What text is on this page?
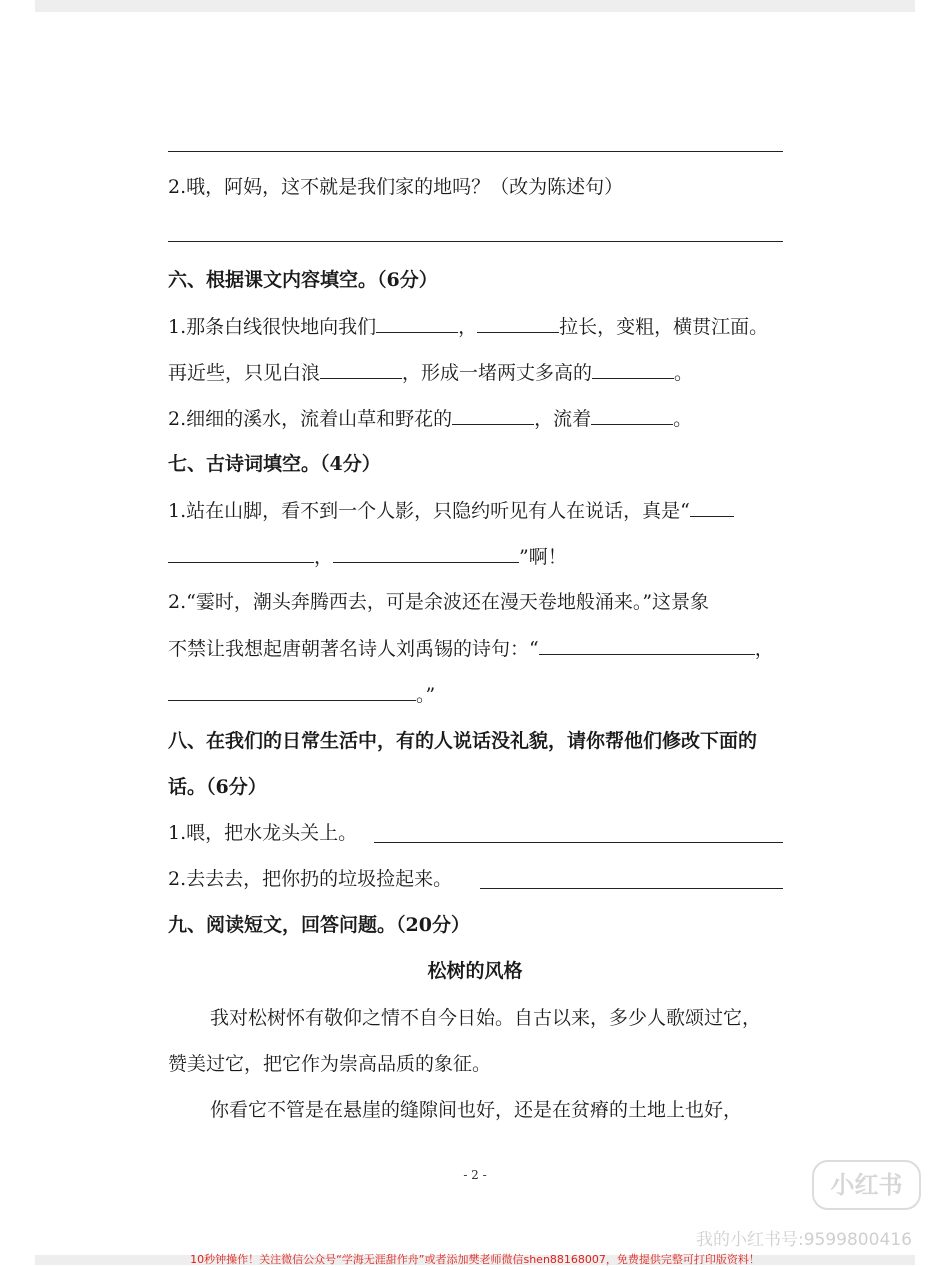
2.哦，阿妈，这不就是我们家的地吗？（改为陈述句）
六、根据课文内容填空。（6分）
1.那条白线很快地向我们	，	拉长，变粗，横贯江面。
再近些，只见白浪	，形成一堵两丈多高的	。
2.细细的溪水，流着山草和野花的	，流着	。
七、古诗词填空。（4分）
1.站在山脚，看不到一个人影，只隐约听见有人在说话，真是“
，	”啊！
2.“霎时，潮头奔腾西去，可是余波还在漫天卷地般涌来。”这景象
不禁让我想起唐朝著名诗人刘禹锡的诗句：“	，
。”
八、在我们的日常生活中，有的人说话没礼貌，请你帮他们修改下面的
话。（6分）
1.喂，把水龙头关上。
2.去去去，把你扔的垃圾捡起来。
九、阅读短文，回答问题。（20分）
松树的风格
我对松树怀有敬仰之情不自今日始。自古以来，多少人歌颂过它，
赞美过它，把它作为崇高品质的象征。
你看它不管是在悬崖的缝隙间也好，还是在贫瘠的土地上也好，
- 2 -	小红书
我的小红书号:9599800416
10秒钟操作！关注微信公众号“学海无涯甜作舟”或者添加樊老师微信shen88168007，免费提供完整可打印版资料！
